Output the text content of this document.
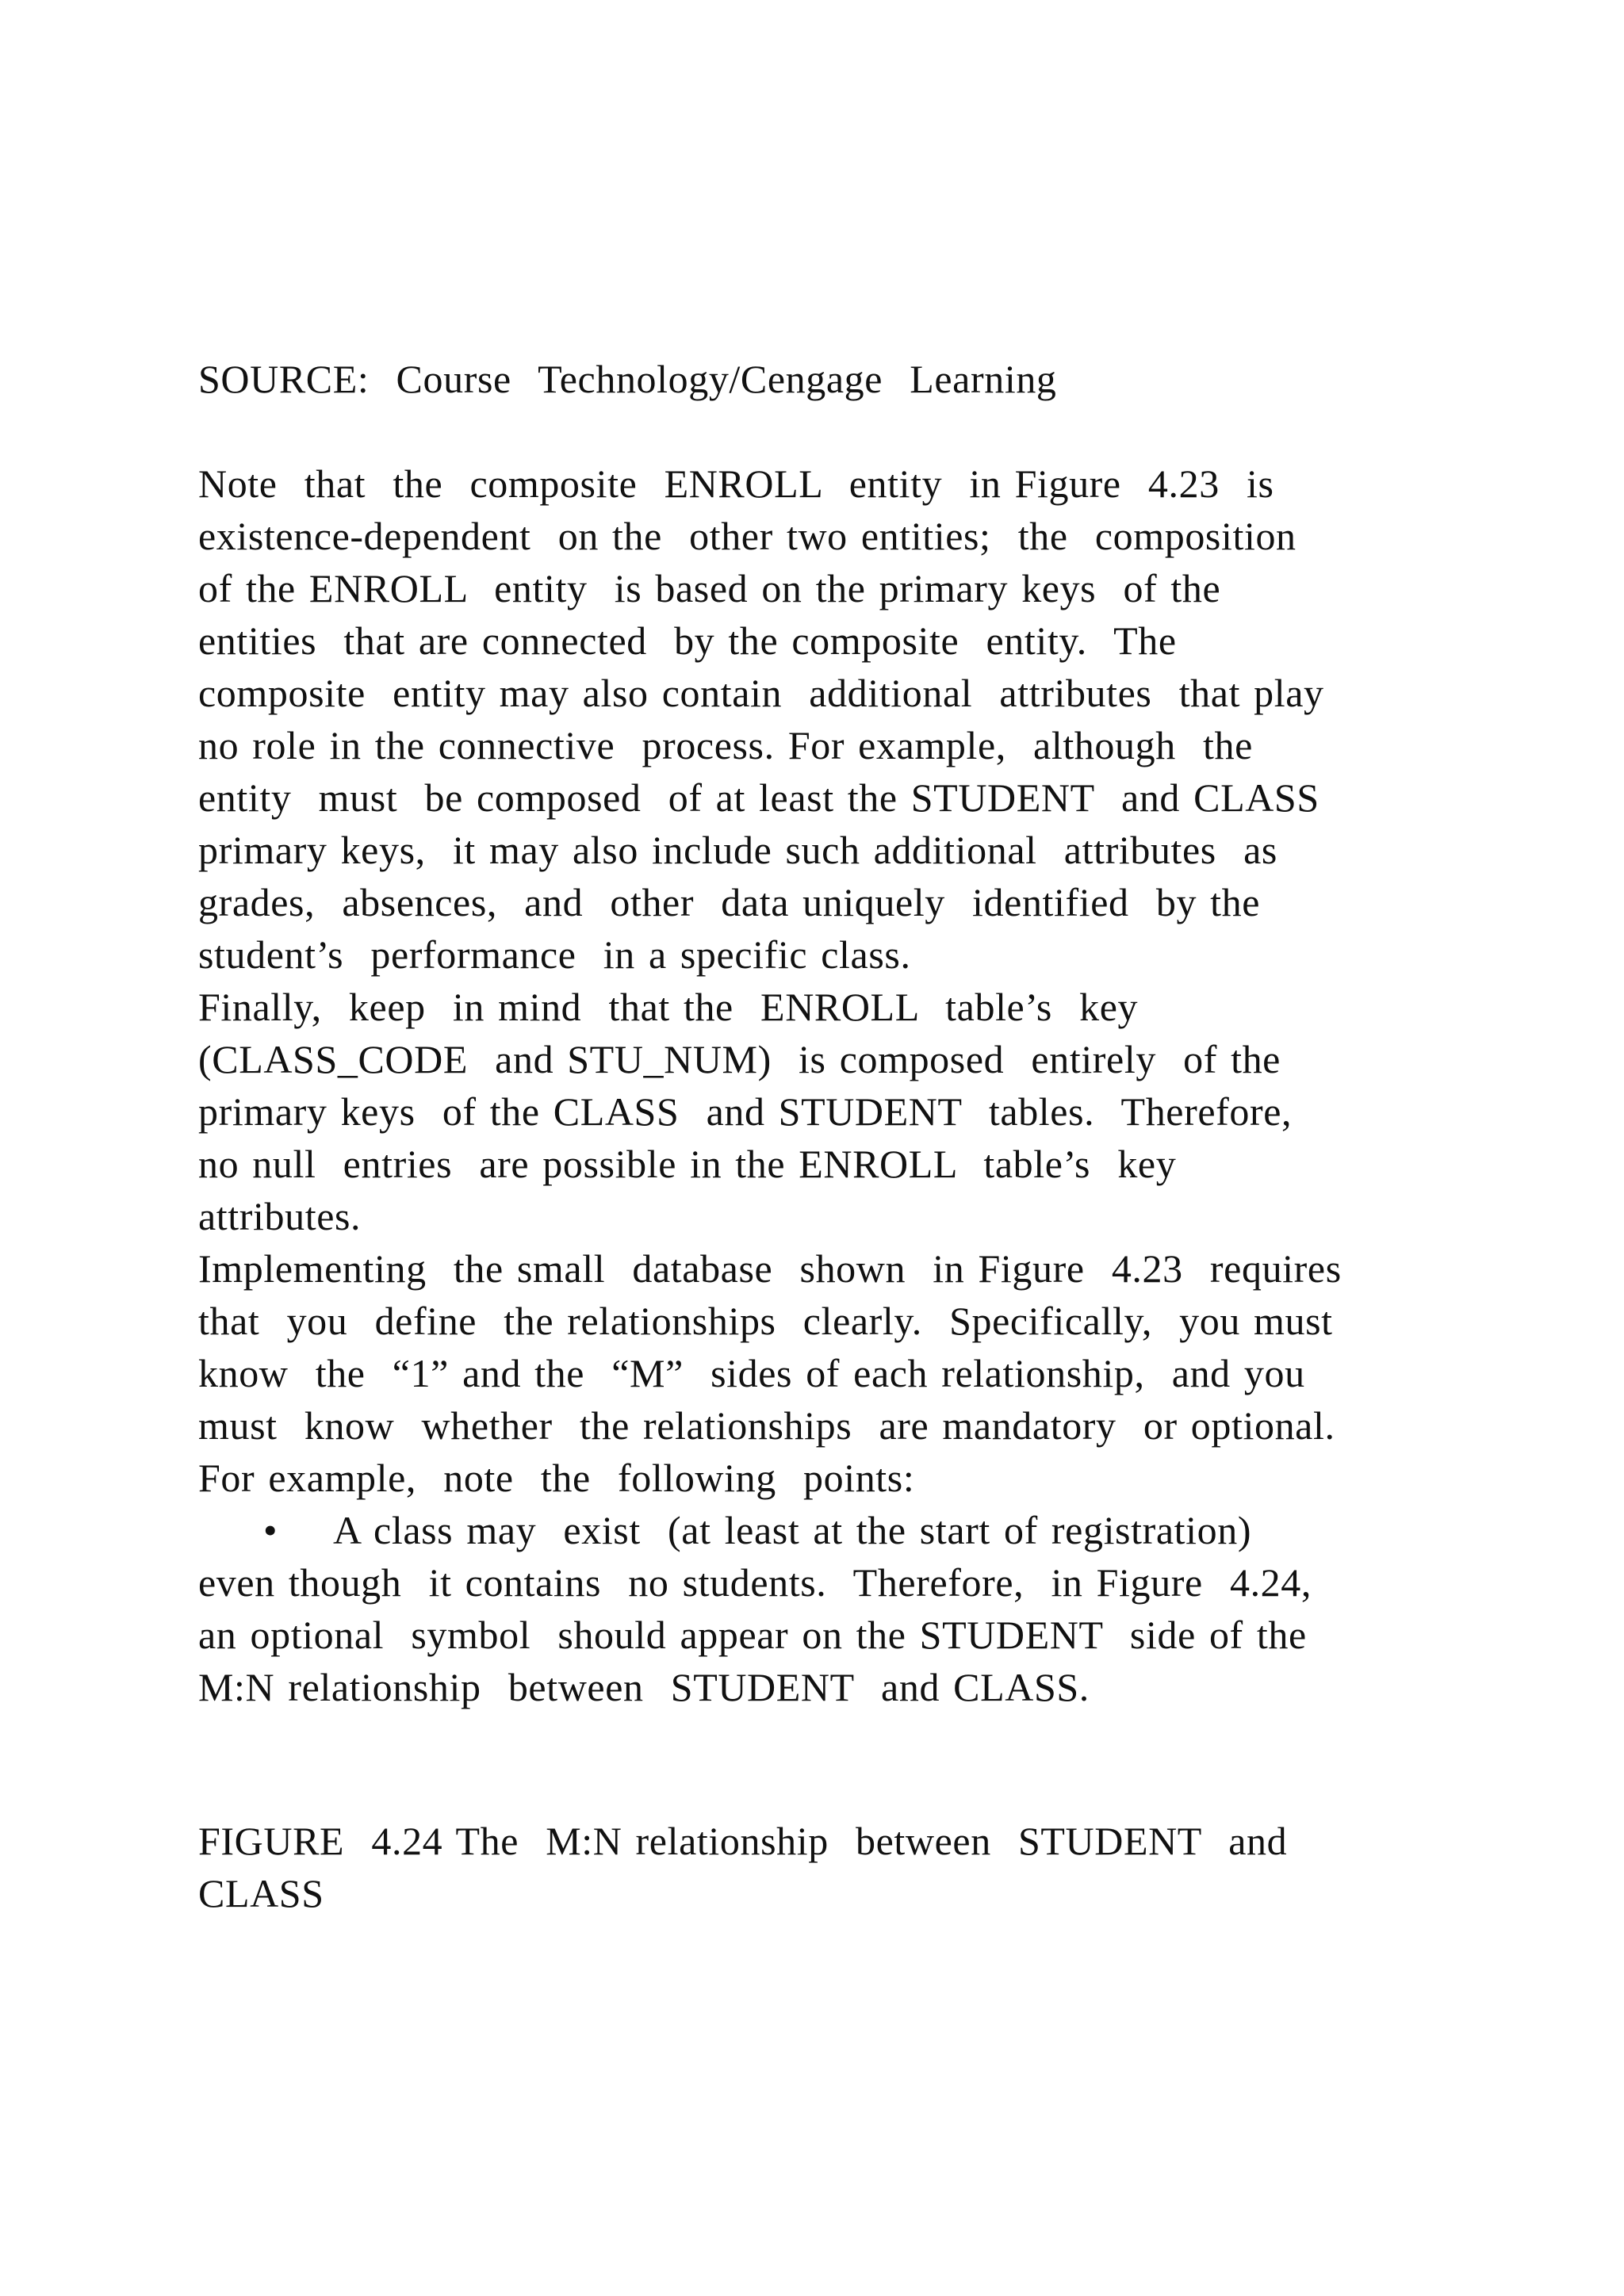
SOURCE:  Course  Technology/Cengage  Learning
Note  that  the  composite  ENROLL  entity  in Figure  4.23  is
existence-dependent  on the  other two entities;  the  composition
of the ENROLL  entity  is based on the primary keys  of the
entities  that are connected  by the composite  entity.  The
composite  entity may also contain  additional  attributes  that play
no role in the connective  process. For example,  although  the
entity  must  be composed  of at least the STUDENT  and CLASS
primary keys,  it may also include such additional  attributes  as
grades,  absences,  and  other  data uniquely  identified  by the
student’s  performance  in a specific class.
Finally,  keep  in mind  that the  ENROLL  table’s  key
(CLASS_CODE  and STU_NUM)  is composed  entirely  of the
primary keys  of the CLASS  and STUDENT  tables.  Therefore,
no null  entries  are possible in the ENROLL  table’s  key
attributes.
Implementing  the small  database  shown  in Figure  4.23  requires
that  you  define  the relationships  clearly.  Specifically,  you must
know  the  “1” and the  “M”  sides of each relationship,  and you
must  know  whether  the relationships  are mandatory  or optional.
For example,  note  the  following  points:
• A class may  exist  (at least at the start of registration)
even though  it contains  no students.  Therefore,  in Figure  4.24,
an optional  symbol  should appear on the STUDENT  side of the
M:N relationship  between  STUDENT  and CLASS.
FIGURE  4.24 The  M:N relationship  between  STUDENT  and
CLASS
